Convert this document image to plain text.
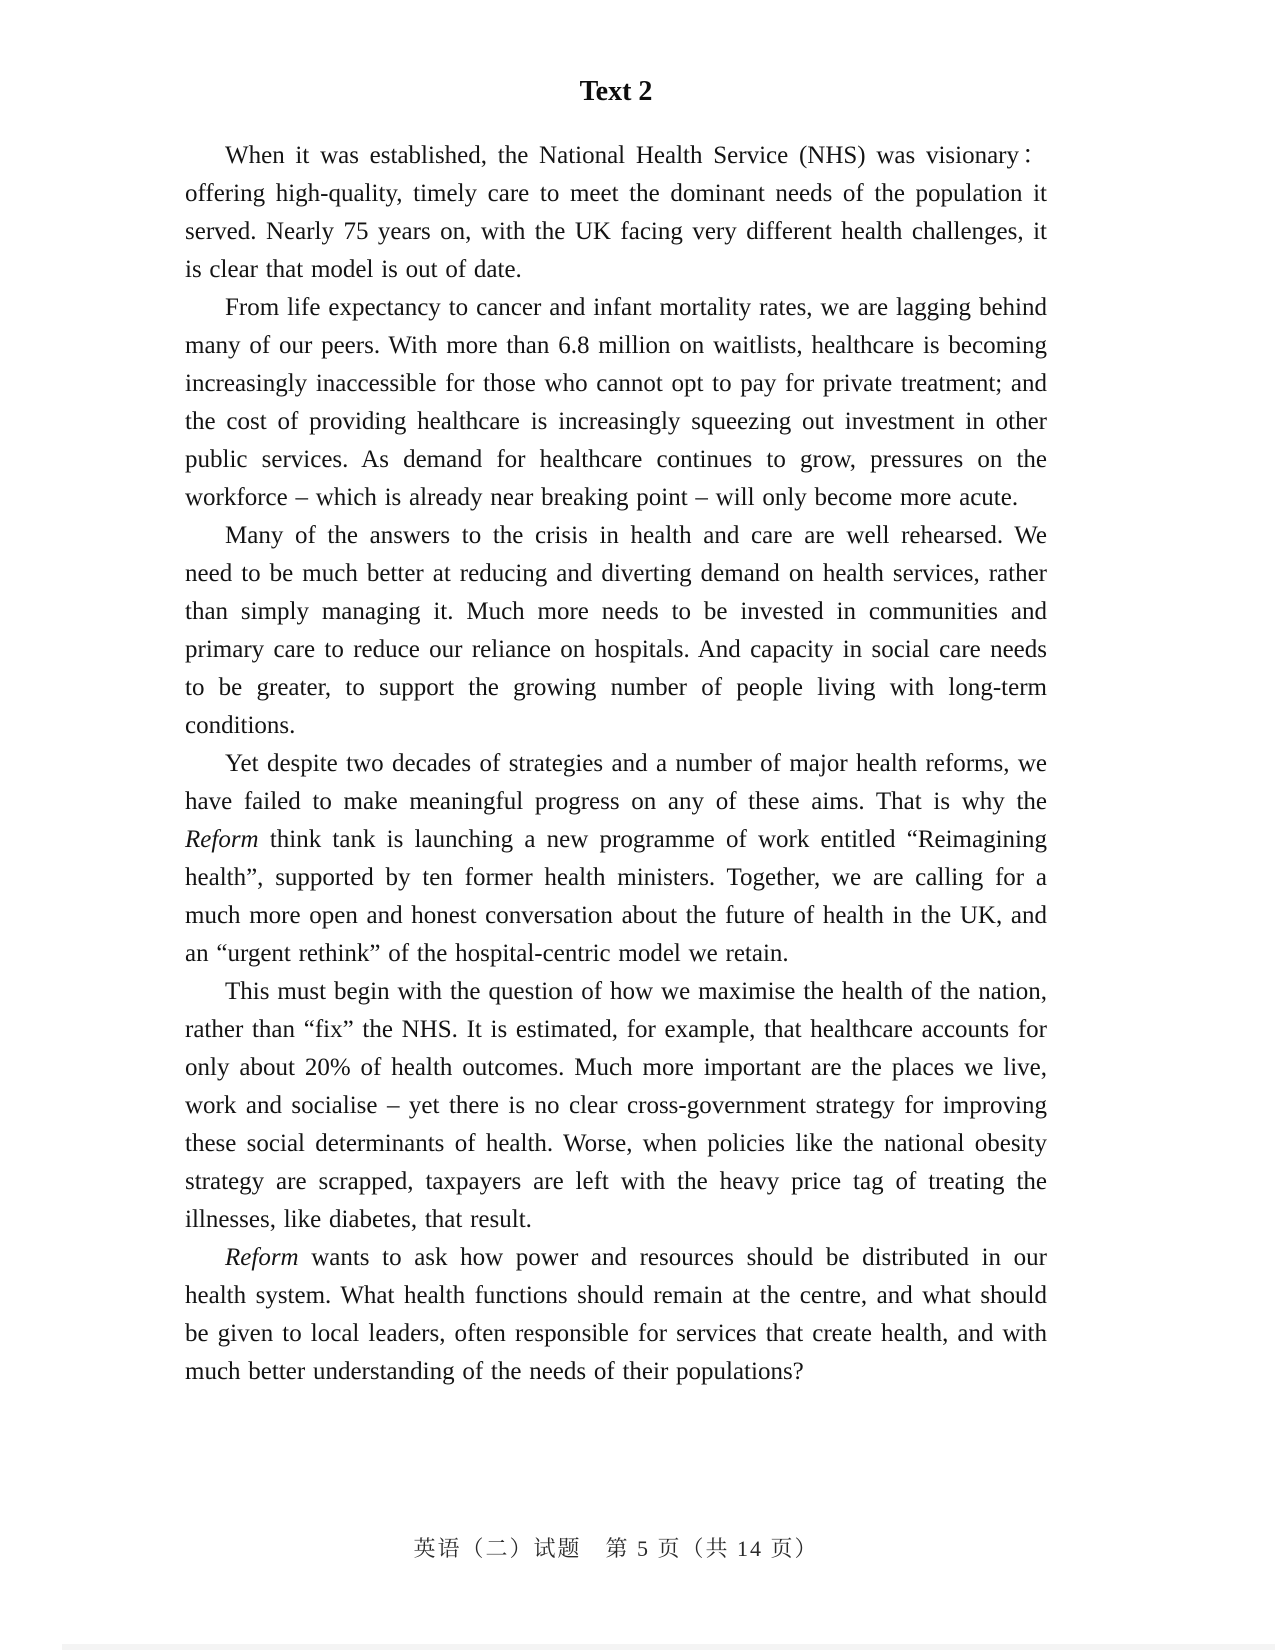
Text 2

When it was established, the National Health Service (NHS) was visionary：offering high-quality, timely care to meet the dominant needs of the population it served. Nearly 75 years on, with the UK facing very different health challenges, it is clear that model is out of date.

From life expectancy to cancer and infant mortality rates, we are lagging behind many of our peers. With more than 6.8 million on waitlists, healthcare is becoming increasingly inaccessible for those who cannot opt to pay for private treatment; and the cost of providing healthcare is increasingly squeezing out investment in other public services. As demand for healthcare continues to grow, pressures on the workforce – which is already near breaking point – will only become more acute.

Many of the answers to the crisis in health and care are well rehearsed. We need to be much better at reducing and diverting demand on health services, rather than simply managing it. Much more needs to be invested in communities and primary care to reduce our reliance on hospitals. And capacity in social care needs to be greater, to support the growing number of people living with long-term conditions.

Yet despite two decades of strategies and a number of major health reforms, we have failed to make meaningful progress on any of these aims. That is why the Reform think tank is launching a new programme of work entitled “Reimagining health”, supported by ten former health ministers. Together, we are calling for a much more open and honest conversation about the future of health in the UK, and an “urgent rethink” of the hospital-centric model we retain.

This must begin with the question of how we maximise the health of the nation, rather than “fix” the NHS. It is estimated, for example, that healthcare accounts for only about 20% of health outcomes. Much more important are the places we live, work and socialise – yet there is no clear cross-government strategy for improving these social determinants of health. Worse, when policies like the national obesity strategy are scrapped, taxpayers are left with the heavy price tag of treating the illnesses, like diabetes, that result.

Reform wants to ask how power and resources should be distributed in our health system. What health functions should remain at the centre, and what should be given to local leaders, often responsible for services that create health, and with much better understanding of the needs of their populations?

英语（二）试题　第 5 页（共 14 页）
